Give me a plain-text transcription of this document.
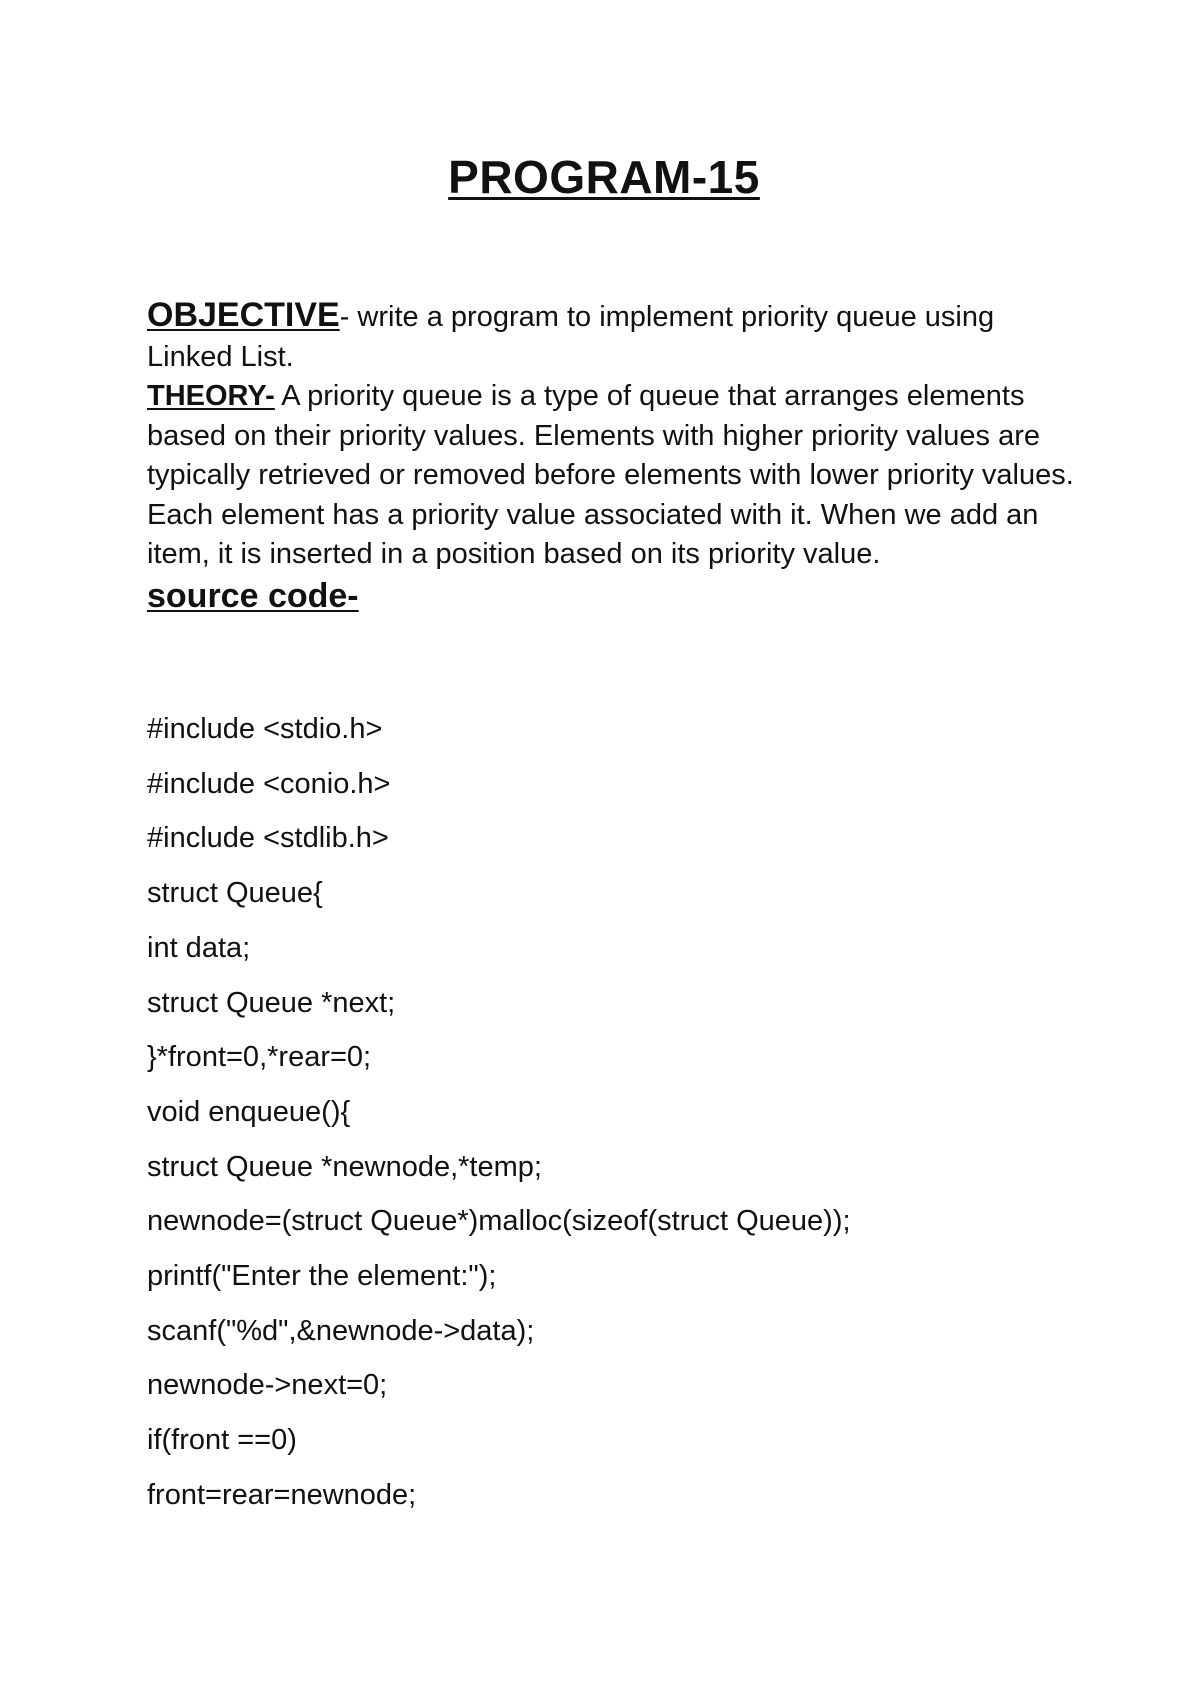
PROGRAM-15

OBJECTIVE- write a program to implement priority queue using Linked List.

THEORY- A priority queue is a type of queue that arranges elements based on their priority values. Elements with higher priority values are typically retrieved or removed before elements with lower priority values. Each element has a priority value associated with it. When we add an item, it is inserted in a position based on its priority value.

source code-

#include <stdio.h>
#include <conio.h>
#include <stdlib.h>
struct Queue{
int data;
struct Queue *next;
}*front=0,*rear=0;
void enqueue(){
struct Queue *newnode,*temp;
newnode=(struct Queue*)malloc(sizeof(struct Queue));
printf("Enter the element:");
scanf("%d",&newnode->data);
newnode->next=0;
if(front ==0)
front=rear=newnode;
